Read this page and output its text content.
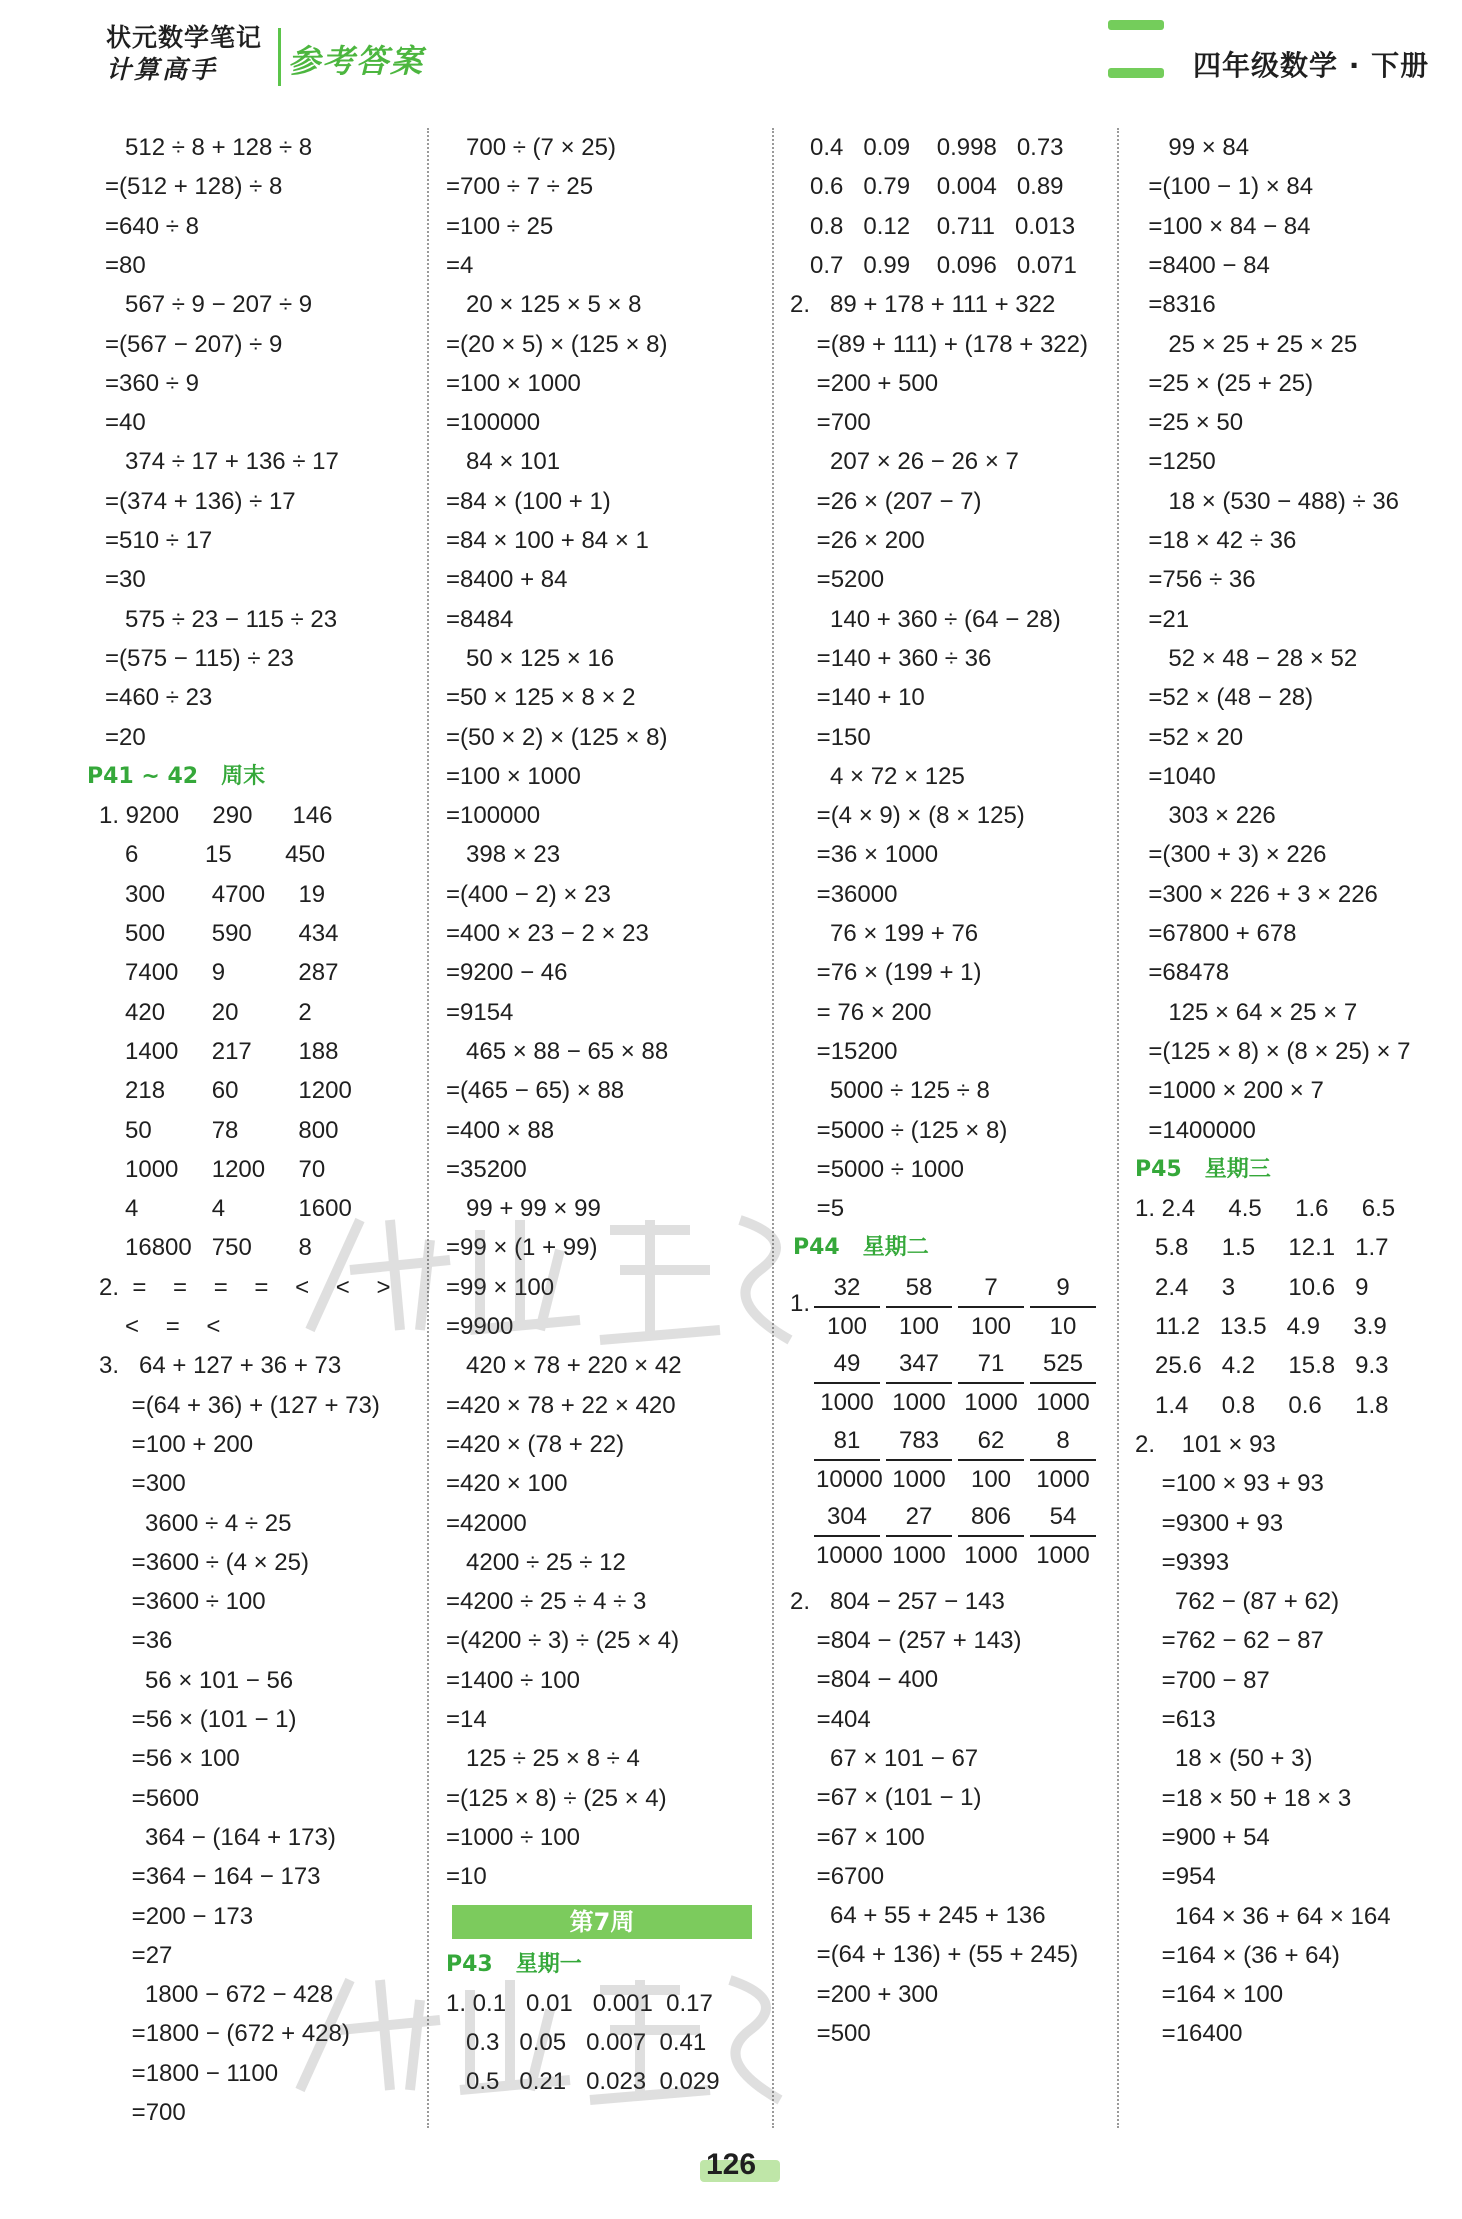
状元数学笔记
计算高手	参考答案	四年级数学 · 下册
512 ÷ 8 + 128 ÷ 8
=(512 + 128) ÷ 8
=640 ÷ 8
=80
567 ÷ 9 − 207 ÷ 9
=(567 − 207) ÷ 9
=360 ÷ 9
=40
374 ÷ 17 + 136 ÷ 17
=(374 + 136) ÷ 17
=510 ÷ 17
=30
575 ÷ 23 − 115 ÷ 23
=(575 − 115) ÷ 23
=460 ÷ 23
=20
P41 ~ 42   周末
1. 9200     290      146
6          15        450
300       4700     19
500       590       434
7400     9           287
420       20         2
1400     217       188
218       60         1200
50         78         800
1000     1200     70
4           4           1600
16800   750       8
2.  =    =    =    =    <    <    >
<    =    <
3.   64 + 127 + 36 + 73
=(64 + 36) + (127 + 73)
=100 + 200
=300
3600 ÷ 4 ÷ 25
=3600 ÷ (4 × 25)
=3600 ÷ 100
=36
56 × 101 − 56
=56 × (101 − 1)
=56 × 100
=5600
364 − (164 + 173)
=364 − 164 − 173
=200 − 173
=27
1800 − 672 − 428
=1800 − (672 + 428)
=1800 − 1100
=700
700 ÷ (7 × 25)
=700 ÷ 7 ÷ 25
=100 ÷ 25
=4
20 × 125 × 5 × 8
=(20 × 5) × (125 × 8)
=100 × 1000
=100000
84 × 101
=84 × (100 + 1)
=84 × 100 + 84 × 1
=8400 + 84
=8484
50 × 125 × 16
=50 × 125 × 8 × 2
=(50 × 2) × (125 × 8)
=100 × 1000
=100000
398 × 23
=(400 − 2) × 23
=400 × 23 − 2 × 23
=9200 − 46
=9154
465 × 88 − 65 × 88
=(465 − 65) × 88
=400 × 88
=35200
99 + 99 × 99
=99 × (1 + 99)
=99 × 100
=9900
420 × 78 + 220 × 42
=420 × 78 + 22 × 420
=420 × (78 + 22)
=420 × 100
=42000
4200 ÷ 25 ÷ 12
=4200 ÷ 25 ÷ 4 ÷ 3
=(4200 ÷ 3) ÷ (25 × 4)
=1400 ÷ 100
=14
125 ÷ 25 × 8 ÷ 4
=(125 × 8) ÷ (25 × 4)
=1000 ÷ 100
=10
第7周
P43   星期一
1. 0.1   0.01   0.001  0.17
0.3   0.05   0.007  0.41
0.5   0.21   0.023  0.029
0.4   0.09    0.998   0.73
0.6   0.79    0.004   0.89
0.8   0.12    0.711   0.013
0.7   0.99    0.096   0.071
2.   89 + 178 + 111 + 322
=(89 + 111) + (178 + 322)
=200 + 500
=700
207 × 26 − 26 × 7
=26 × (207 − 7)
=26 × 200
=5200
140 + 360 ÷ (64 − 28)
=140 + 360 ÷ 36
=140 + 10
=150
4 × 72 × 125
=(4 × 9) × (8 × 125)
=36 × 1000
=36000
76 × 199 + 76
=76 × (199 + 1)
= 76 × 200
=15200
5000 ÷ 125 ÷ 8
=5000 ÷ (125 × 8)
=5000 ÷ 1000
=5
P44   星期二
1. $\frac{32}{100} \frac{58}{100} \frac{7}{100} \frac{9}{10}$
$\frac{49}{1000} \frac{347}{1000} \frac{71}{1000} \frac{525}{1000}$
$\frac{81}{10000} \frac{783}{1000} \frac{62}{100} \frac{8}{1000}$
$\frac{304}{10000} \frac{27}{1000} \frac{806}{1000} \frac{54}{1000}$
2.   804 − 257 − 143
=804 − (257 + 143)
=804 − 400
=404
67 × 101 − 67
=67 × (101 − 1)
=67 × 100
=6700
64 + 55 + 245 + 136
=(64 + 136) + (55 + 245)
=200 + 300
=500
99 × 84
=(100 − 1) × 84
=100 × 84 − 84
=8400 − 84
=8316
25 × 25 + 25 × 25
=25 × (25 + 25)
=25 × 50
=1250
18 × (530 − 488) ÷ 36
=18 × 42 ÷ 36
=756 ÷ 36
=21
52 × 48 − 28 × 52
=52 × (48 − 28)
=52 × 20
=1040
303 × 226
=(300 + 3) × 226
=300 × 226 + 3 × 226
=67800 + 678
=68478
125 × 64 × 25 × 7
=(125 × 8) × (8 × 25) × 7
=1000 × 200 × 7
=1400000
P45   星期三
1. 2.4     4.5     1.6     6.5
5.8     1.5     12.1   1.7
2.4     3        10.6   9
11.2   13.5   4.9     3.9
25.6   4.2     15.8   9.3
1.4     0.8     0.6     1.8
2.    101 × 93
=100 × 93 + 93
=9300 + 93
=9393
762 − (87 + 62)
=762 − 62 − 87
=700 − 87
=613
18 × (50 + 3)
=18 × 50 + 18 × 3
=900 + 54
=954
164 × 36 + 64 × 164
=164 × (36 + 64)
=164 × 100
=16400
126
